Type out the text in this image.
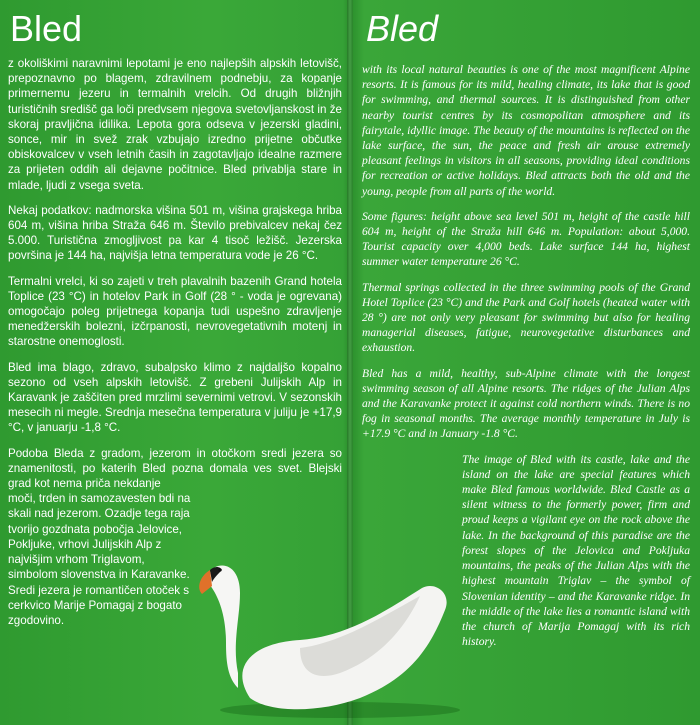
Bled

z okoliškimi naravnimi lepotami je eno najlepših alpskih letovišč, prepoznavno po blagem, zdravilnem podnebju, za kopanje primernemu jezeru in termalnih vrelcih. Od drugih bližnjih turističnih središč ga loči predvsem njegova svetovljanskost in že skoraj pravljična idilika. Lepota gora odseva v jezerski gladini, sonce, mir in svež zrak vzbujajo izredno prijetne občutke obiskovalcev v vseh letnih časih in zagotavljajo idealne razmere za prijeten oddih ali dejavne počitnice. Bled privablja stare in mlade, ljudi z vsega sveta.

Nekaj podatkov: nadmorska višina 501 m, višina grajskega hriba 604 m, višina hriba Straža 646 m. Število prebivalcev nekaj čez 5.000. Turistična zmogljivost pa kar 4 tisoč ležišč. Jezerska površina je 144 ha, najvišja letna temperatura vode je 26 °C.

Termalni vrelci, ki so zajeti v treh plavalnih bazenih Grand hotela Toplice (23 °C) in hotelov Park in Golf (28 ° - voda je ogrevana) omogočajo poleg prijetnega kopanja tudi uspešno zdravljenje menedžerskih bolezni, izčrpanosti, nevrovegetativnih motenj in starostne onemoglosti.

Bled ima blago, zdravo, subalpsko klimo z najdaljšo kopalno sezono od vseh alpskih letovišč. Z grebeni Julijskih Alp in Karavank je zaščiten pred mrzlimi severnimi vetrovi. V sezonskih mesecih ni megle. Srednja mesečna temperatura v juliju je +17,9 °C, v januarju -1,8 °C.

Podoba Bleda z gradom, jezerom in otočkom sredi jezera so znamenitosti, po katerih Bled pozna domala ves svet. Blejski grad kot nema priča nekdanje

moči, trden in samozavesten bdi na skali nad jezerom. Ozadje tega raja tvorijo gozdnata pobočja Jelovice, Pokljuke, vrhovi Julijskih Alp z najvišjim vrhom Triglavom, simbolom slovenstva in Karavanke. Sredi jezera je romantičen otoček s cerkvico Marije Pomagaj z bogato zgodovino.

Bled

with its local natural beauties is one of the most magnificent Alpine resorts. It is famous for its mild, healing climate, its lake that is good for swimming, and thermal sources. It is distinguished from other nearby tourist centres by its cosmopolitan atmosphere and its fairytale, idyllic image. The beauty of the mountains is reflected on the lake surface, the sun, the peace and fresh air arouse extremely pleasant feelings in visitors in all seasons, providing ideal conditions for recreation or active holidays. Bled attracts both the old and the young, people from all parts of the world.

Some figures: height above sea level 501 m, height of the castle hill 604 m, height of the Straža hill 646 m. Population: about 5,000. Tourist capacity over 4,000 beds. Lake surface 144 ha, highest summer water temperature 26 °C.

Thermal springs collected in the three swimming pools of the Grand Hotel Toplice (23 °C) and the Park and Golf hotels (heated water with 28 °) are not only very pleasant for swimming but also for healing managerial diseases, fatigue, neurovegetative disturbances and exhaustion.

Bled has a mild, healthy, sub-Alpine climate with the longest swimming season of all Alpine resorts. The ridges of the Julian Alps and the Karavanke protect it against cold northern winds. There is no fog in seasonal months. The average monthly temperature in July is +17.9 °C and in January -1.8 °C.

The image of Bled with its castle, lake and the island on the lake are special features which make Bled famous worldwide. Bled Castle as a silent witness to the formerly power, firm and proud keeps a vigilant eye on the rock above the lake. In the background of this paradise are the forest slopes of the Jelovica and Pokljuka mountains, the peaks of the Julian Alps with the highest mountain Triglav – the symbol of Slovenian identity – and the Karavanke ridge. In the middle of the lake lies a romantic island with the church of Marija Pomagaj with its rich history.
